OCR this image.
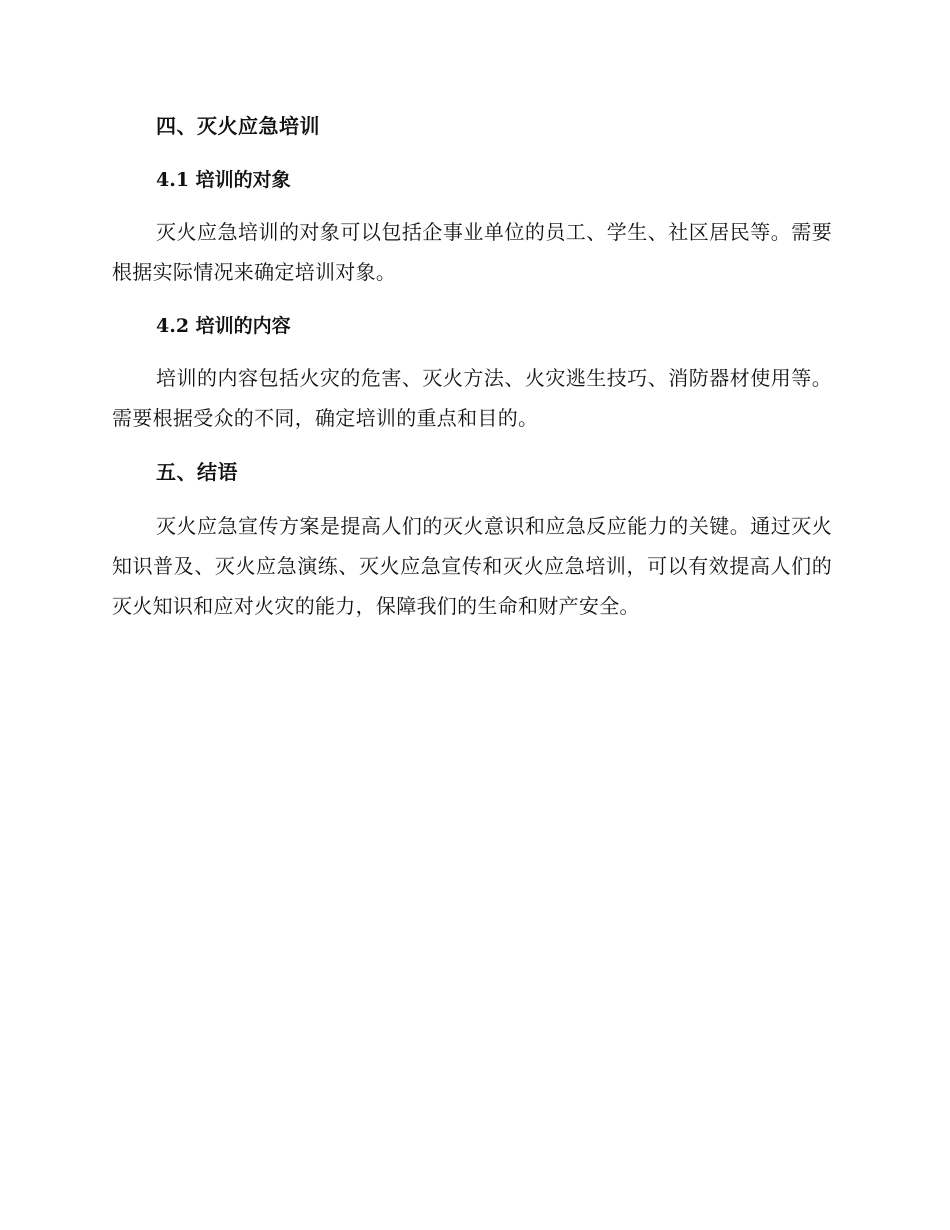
四、灭火应急培训
4.1 培训的对象
灭火应急培训的对象可以包括企事业单位的员工、学生、社区居民等。需要根据实际情况来确定培训对象。
4.2 培训的内容
培训的内容包括火灾的危害、灭火方法、火灾逃生技巧、消防器材使用等。需要根据受众的不同，确定培训的重点和目的。
五、结语
灭火应急宣传方案是提高人们的灭火意识和应急反应能力的关键。通过灭火知识普及、灭火应急演练、灭火应急宣传和灭火应急培训，可以有效提高人们的灭火知识和应对火灾的能力，保障我们的生命和财产安全。
